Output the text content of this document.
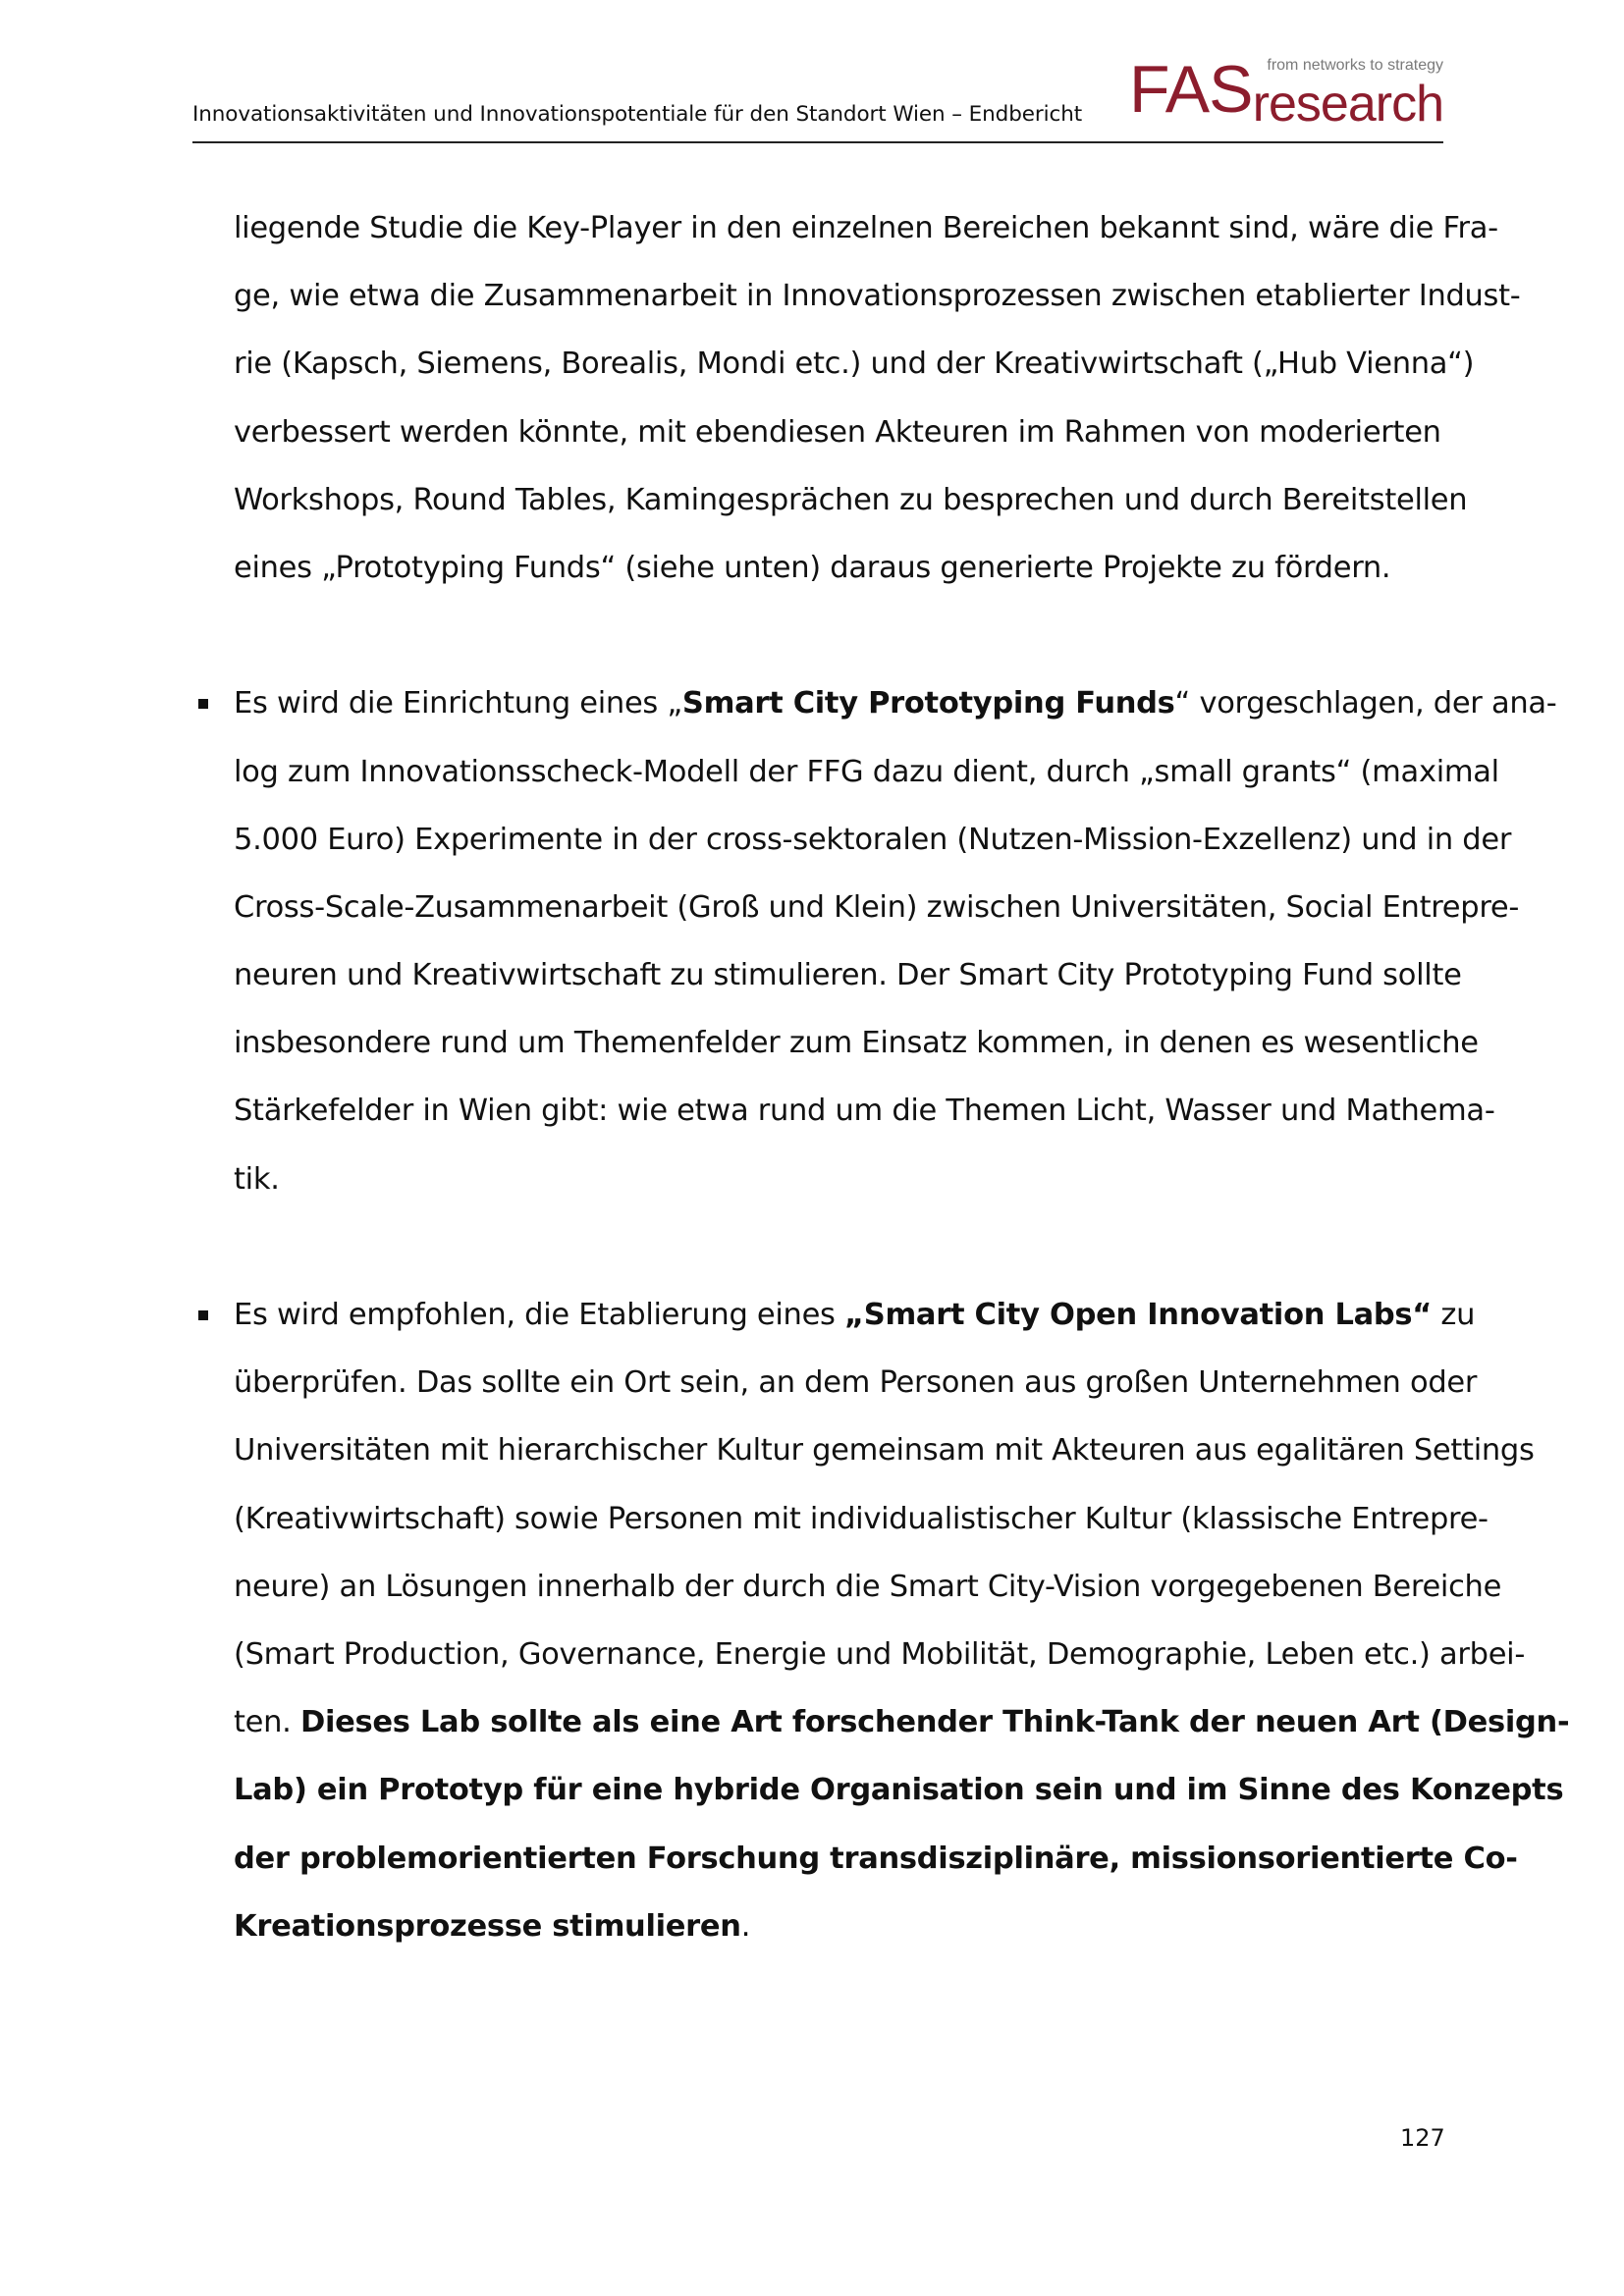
Innovationsaktivitäten und Innovationspotentiale für den Standort Wien – Endbericht
from networks to strategy
FAS research
liegende Studie die Key-Player in den einzelnen Bereichen bekannt sind, wäre die Fra-
ge, wie etwa die Zusammenarbeit in Innovationsprozessen zwischen etablierter Indust-
rie (Kapsch, Siemens, Borealis, Mondi etc.) und der Kreativwirtschaft („Hub Vienna“)
verbessert werden könnte, mit ebendiesen Akteuren im Rahmen von moderierten
Workshops, Round Tables, Kamingesprächen zu besprechen und durch Bereitstellen
eines „Prototyping Funds“ (siehe unten) daraus generierte Projekte zu fördern.
Es wird die Einrichtung eines „Smart City Prototyping Funds“ vorgeschlagen, der ana-
log zum Innovationsscheck-Modell der FFG dazu dient, durch „small grants“ (maximal
5.000 Euro) Experimente in der cross-sektoralen (Nutzen-Mission-Exzellenz) und in der
Cross-Scale-Zusammenarbeit (Groß und Klein) zwischen Universitäten, Social Entrepre-
neuren und Kreativwirtschaft zu stimulieren. Der Smart City Prototyping Fund sollte
insbesondere rund um Themenfelder zum Einsatz kommen, in denen es wesentliche
Stärkefelder in Wien gibt: wie etwa rund um die Themen Licht, Wasser und Mathema-
tik.
Es wird empfohlen, die Etablierung eines „Smart City Open Innovation Labs“ zu
überprüfen. Das sollte ein Ort sein, an dem Personen aus großen Unternehmen oder
Universitäten mit hierarchischer Kultur gemeinsam mit Akteuren aus egalitären Settings
(Kreativwirtschaft) sowie Personen mit individualistischer Kultur (klassische Entrepre-
neure) an Lösungen innerhalb der durch die Smart City-Vision vorgegebenen Bereiche
(Smart Production, Governance, Energie und Mobilität, Demographie, Leben etc.) arbei-
ten. Dieses Lab sollte als eine Art forschender Think-Tank der neuen Art (Design-
Lab) ein Prototyp für eine hybride Organisation sein und im Sinne des Konzepts
der problemorientierten Forschung transdisziplinäre, missionsorientierte Co-
Kreationsprozesse stimulieren.
127
